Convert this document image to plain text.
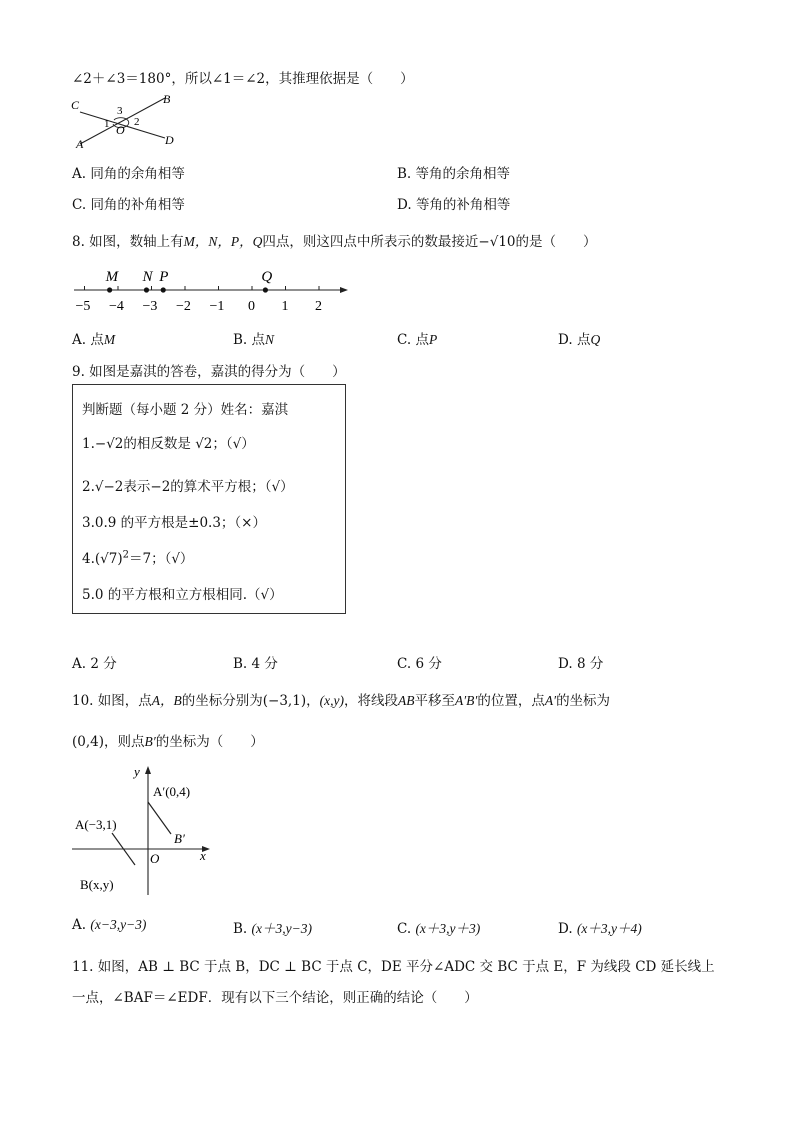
∠2＋∠3＝180°，所以∠1＝∠2，其推理依据是（　　）
C	3
B
1 O
2
A	D
A. 同角的余角相等	B. 等角的余角相等
C. 同角的补角相等	D. 等角的补角相等
8. 如图，数轴上有M，N，P，Q四点，则这四点中所表示的数最接近−√10的是（　　）
−5 −4 −3 −2 −1 0 1 2
M N P	Q
A. 点M	B. 点N	C. 点P	D. 点Q
9. 如图是嘉淇的答卷，嘉淇的得分为（　　）
判断题（每小题 2 分）姓名：嘉淇
1.−√2的相反数是 √2；（√）
2.√−2表示−2的算术平方根；（√）
3.0.9 的平方根是±0.3；（×）
$4.(√7)^2=7$；（√）
5.0 的平方根和立方根相同.（√）
A. 2 分	B. 4 分	C. 6 分	D. 8 分
10. 如图，点A，B的坐标分别为(−3,1)，(x,y)，将线段AB平移至A′B′的位置，点A′的坐标为
(0,4)，则点B′的坐标为（　　）
y
A′(0,4)
A(−3,1)
B′
O	x
B(x,y)
A. (x−3,y−3)	B. (x＋3,y−3)	C. (x＋3,y＋3)	D. (x＋3,y＋4)
11. 如图，AB ⊥ BC 于点 B，DC ⊥ BC 于点 C，DE 平分∠ADC 交 BC 于点 E，F 为线段 CD 延长线上
一点，∠BAF＝∠EDF．现有以下三个结论，则正确的结论（　　）
